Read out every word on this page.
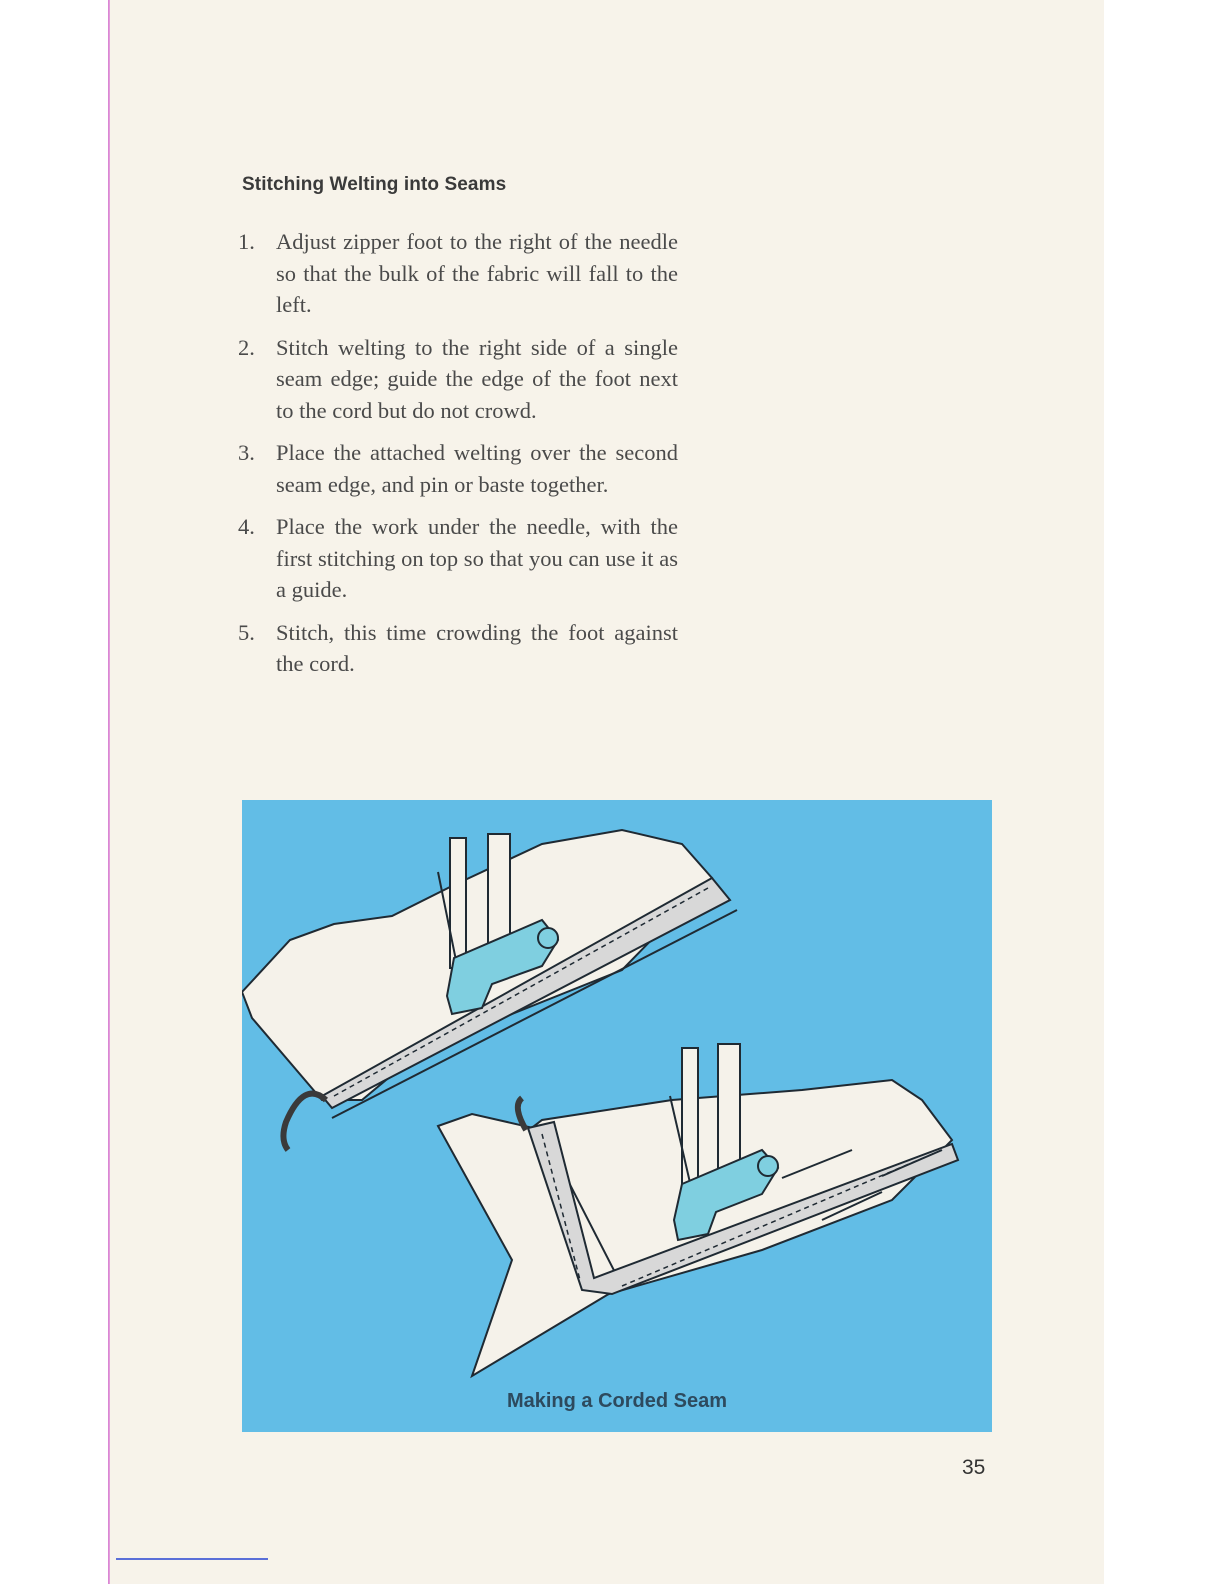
Stitching Welting into Seams
1. Adjust zipper foot to the right of the needle so that the bulk of the fabric will fall to the left.
2. Stitch welting to the right side of a single seam edge; guide the edge of the foot next to the cord but do not crowd.
3. Place the attached welting over the second seam edge, and pin or baste together.
4. Place the work under the needle, with the first stitching on top so that you can use it as a guide.
5. Stitch, this time crowding the foot against the cord.
Making a Corded Seam
35
